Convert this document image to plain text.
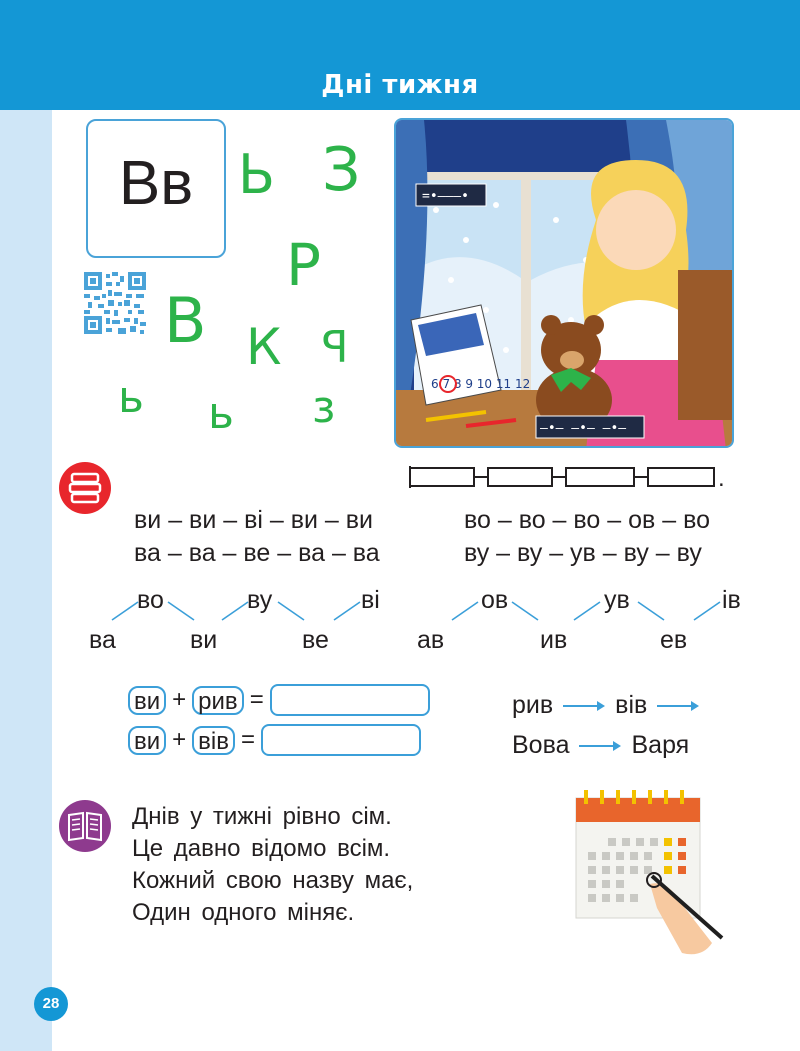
Дні тижня
Вв Ь З
Р
В К Р
ь ь з
=•–––•
6 7 8 9 10 11 12
–•– –•– –•–
.
ви – ви – ві – ви – ви	во – во – во – ов – во
ва – ва – ве – ва – ва	ву – ву – ув – ву – ву
во	ву	ві
ва	ви	ве
ов	ув	ів
ав	ив	ев
ви + рив =
ви + вів =
рив вів
Вова Варя
Днів у тижні рівно сім.
Це давно відомо всім.
Кожний свою назву має,
Один одного міняє.
28
